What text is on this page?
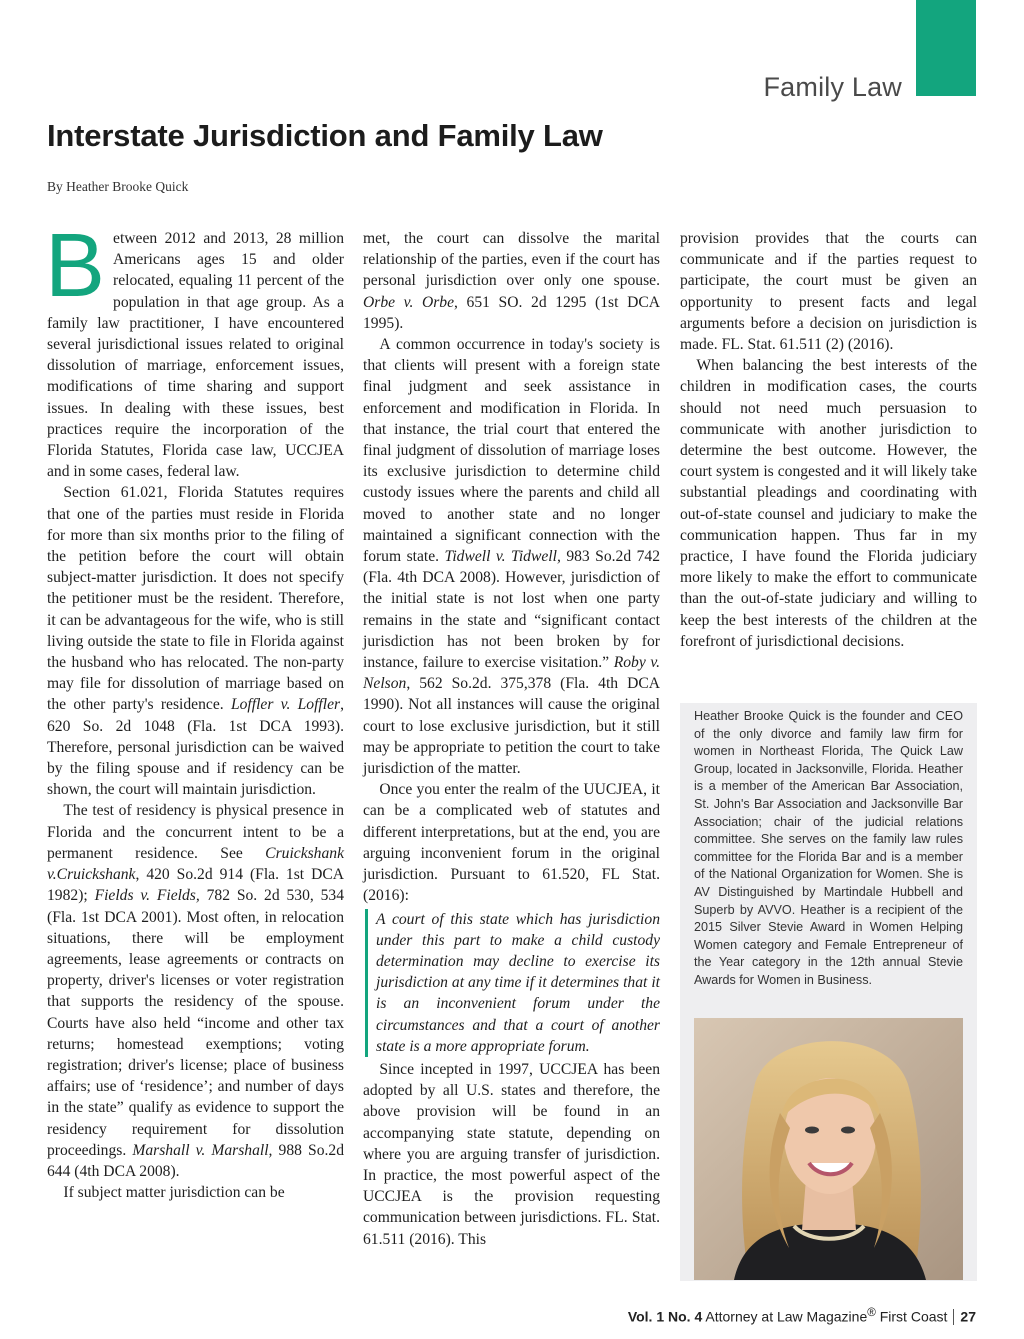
Family Law
Interstate Jurisdiction and Family Law
By Heather Brooke Quick

Between 2012 and 2013, 28 million Americans ages 15 and older relocated, equaling 11 percent of the population in that age group. As a family law practitioner, I have encountered several jurisdictional issues related to original dissolution of marriage, enforcement issues, modifications of time sharing and support issues. In dealing with these issues, best practices require the incorporation of the Florida Statutes, Florida case law, UCCJEA and in some cases, federal law.

Section 61.021, Florida Statutes requires that one of the parties must reside in Florida for more than six months prior to the filing of the petition before the court will obtain subject-matter jurisdiction. It does not specify the petitioner must be the resident. Therefore, it can be advantageous for the wife, who is still living outside the state to file in Florida against the husband who has relocated. The non-party may file for dissolution of marriage based on the other party's residence. Loffler v. Loffler, 620 So. 2d 1048 (Fla. 1st DCA 1993). Therefore, personal jurisdiction can be waived by the filing spouse and if residency can be shown, the court will maintain jurisdiction.

The test of residency is physical presence in Florida and the concurrent intent to be a permanent residence. See Cruickshank v.Cruickshank, 420 So.2d 914 (Fla. 1st DCA 1982); Fields v. Fields, 782 So. 2d 530, 534 (Fla. 1st DCA 2001). Most often, in relocation situations, there will be employment agreements, lease agreements or contracts on property, driver's licenses or voter registration that supports the residency of the spouse. Courts have also held “income and other tax returns; homestead exemptions; voting registration; driver's license; place of business affairs; use of ‘residence’; and number of days in the state” qualify as evidence to support the residency requirement for dissolution proceedings. Marshall v. Marshall, 988 So.2d 644 (4th DCA 2008).

If subject matter jurisdiction can be

met, the court can dissolve the marital relationship of the parties, even if the court has personal jurisdiction over only one spouse. Orbe v. Orbe, 651 SO. 2d 1295 (1st DCA 1995).

A common occurrence in today's society is that clients will present with a foreign state final judgment and seek assistance in enforcement and modification in Florida. In that instance, the trial court that entered the final judgment of dissolution of marriage loses its exclusive jurisdiction to determine child custody issues where the parents and child all moved to another state and no longer maintained a significant connection with the forum state. Tidwell v. Tidwell, 983 So.2d 742 (Fla. 4th DCA 2008). However, jurisdiction of the initial state is not lost when one party remains in the state and “significant contact jurisdiction has not been broken by for instance, failure to exercise visitation.” Roby v. Nelson, 562 So.2d. 375,378 (Fla. 4th DCA 1990). Not all instances will cause the original court to lose exclusive jurisdiction, but it still may be appropriate to petition the court to take jurisdiction of the matter.

Once you enter the realm of the UUCJEA, it can be a complicated web of statutes and different interpretations, but at the end, you are arguing inconvenient forum in the original jurisdiction. Pursuant to 61.520, FL Stat. (2016):

A court of this state which has jurisdiction under this part to make a child custody determination may decline to exercise its jurisdiction at any time if it determines that it is an inconvenient forum under the circumstances and that a court of another state is a more appropriate forum.

Since incepted in 1997, UCCJEA has been adopted by all U.S. states and therefore, the above provision will be found in an accompanying state statute, depending on where you are arguing transfer of jurisdiction. In practice, the most powerful aspect of the UCCJEA is the provision requesting communication between jurisdictions. FL. Stat. 61.511 (2016). This

provision provides that the courts can communicate and if the parties request to participate, the court must be given an opportunity to present facts and legal arguments before a decision on jurisdiction is made. FL. Stat. 61.511 (2) (2016).

When balancing the best interests of the children in modification cases, the courts should not need much persuasion to communicate with another jurisdiction to determine the best outcome. However, the court system is congested and it will likely take substantial pleadings and coordinating with out-of-state counsel and judiciary to make the communication happen. Thus far in my practice, I have found the Florida judiciary more likely to make the effort to communicate than the out-of-state judiciary and willing to keep the best interests of the children at the forefront of jurisdictional decisions.

Heather Brooke Quick is the founder and CEO of the only divorce and family law firm for women in Northeast Florida, The Quick Law Group, located in Jacksonville, Florida. Heather is a member of the American Bar Association, St. John's Bar Association and Jacksonville Bar Association; chair of the judicial relations committee. She serves on the family law rules committee for the Florida Bar and is a member of the National Organization for Women. She is AV Distinguished by Martindale Hubbell and Superb by AVVO. Heather is a recipient of the 2015 Silver Stevie Award in Women Helping Women category and Female Entrepreneur of the Year category in the 12th annual Stevie Awards for Women in Business.
Vol. 1 No. 4 Attorney at Law Magazine® First Coast 27
